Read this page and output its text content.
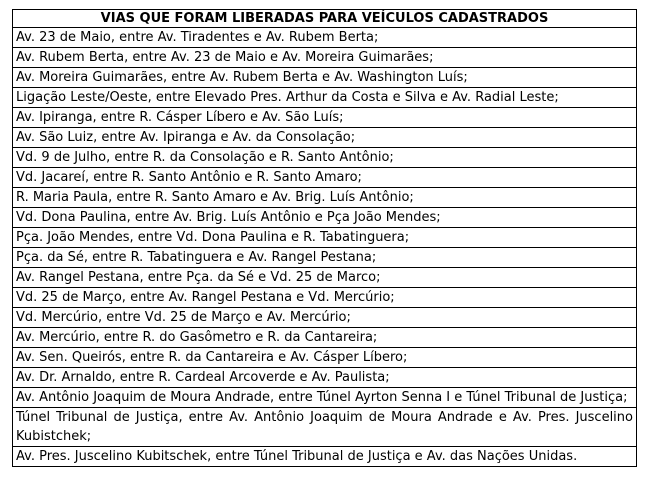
VIAS QUE FORAM LIBERADAS PARA VEÍCULOS CADASTRADOS
Av. 23 de Maio, entre Av. Tiradentes e Av. Rubem Berta;
Av. Rubem Berta, entre Av. 23 de Maio e Av. Moreira Guimarães;
Av. Moreira Guimarães, entre Av. Rubem Berta e Av. Washington Luís;
Ligação Leste/Oeste, entre Elevado Pres. Arthur da Costa e Silva e Av. Radial Leste;
Av. Ipiranga, entre R. Cásper Líbero e Av. São Luís;
Av. São Luiz, entre Av. Ipiranga e Av. da Consolação;
Vd. 9 de Julho, entre R. da Consolação e R. Santo Antônio;
Vd. Jacareí, entre R. Santo Antônio e R. Santo Amaro;
R. Maria Paula, entre R. Santo Amaro e Av. Brig. Luís Antônio;
Vd. Dona Paulina, entre Av. Brig. Luís Antônio e Pça João Mendes;
Pça. João Mendes, entre Vd. Dona Paulina e R. Tabatinguera;
Pça. da Sé, entre R. Tabatinguera e Av. Rangel Pestana;
Av. Rangel Pestana, entre Pça. da Sé e Vd. 25 de Marco;
Vd. 25 de Março, entre Av. Rangel Pestana e Vd. Mercúrio;
Vd. Mercúrio, entre Vd. 25 de Março e Av. Mercúrio;
Av. Mercúrio, entre R. do Gasômetro e R. da Cantareira;
Av. Sen. Queirós, entre R. da Cantareira e Av. Cásper Líbero;
Av. Dr. Arnaldo, entre R. Cardeal Arcoverde e Av. Paulista;
Av. Antônio Joaquim de Moura Andrade, entre Túnel Ayrton Senna I e Túnel Tribunal de Justiça;
Túnel Tribunal de Justiça, entre Av. Antônio Joaquim de Moura Andrade e Av. Pres. Juscelino Kubistchek;
Av. Pres. Juscelino Kubitschek, entre Túnel Tribunal de Justiça e Av. das Nações Unidas.
